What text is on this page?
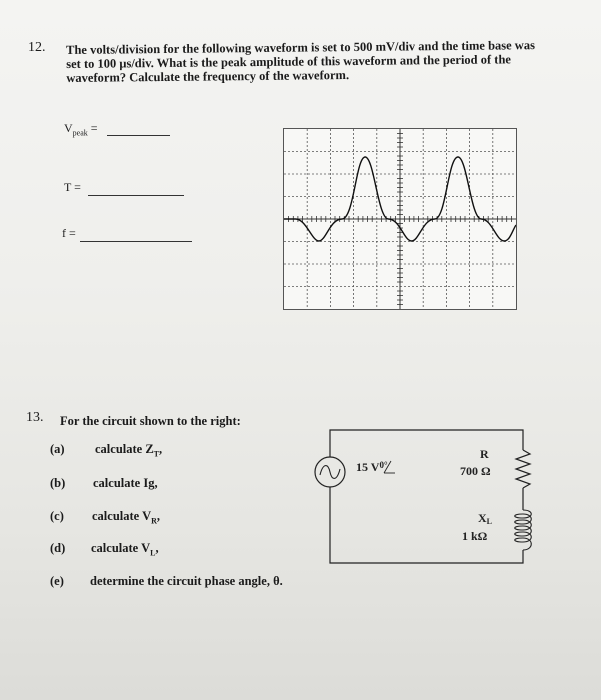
12. The volts/division for the following waveform is set to 500 mV/div and the time base was
set to 100 μs/div. What is the peak amplitude of this waveform and the period of the
waveform? Calculate the frequency of the waveform.
$V_{peak}$ =
T =
f =
13. For the circuit shown to the right:
(a) calculate $Z_T$,
(b) calculate Ig,
(c) calculate $V_R$,
(d) calculate $V_L$,
(e) determine the circuit phase angle, θ.
15 $V^{0^\circ}$
R
700 Ω
XL
1 kΩ
